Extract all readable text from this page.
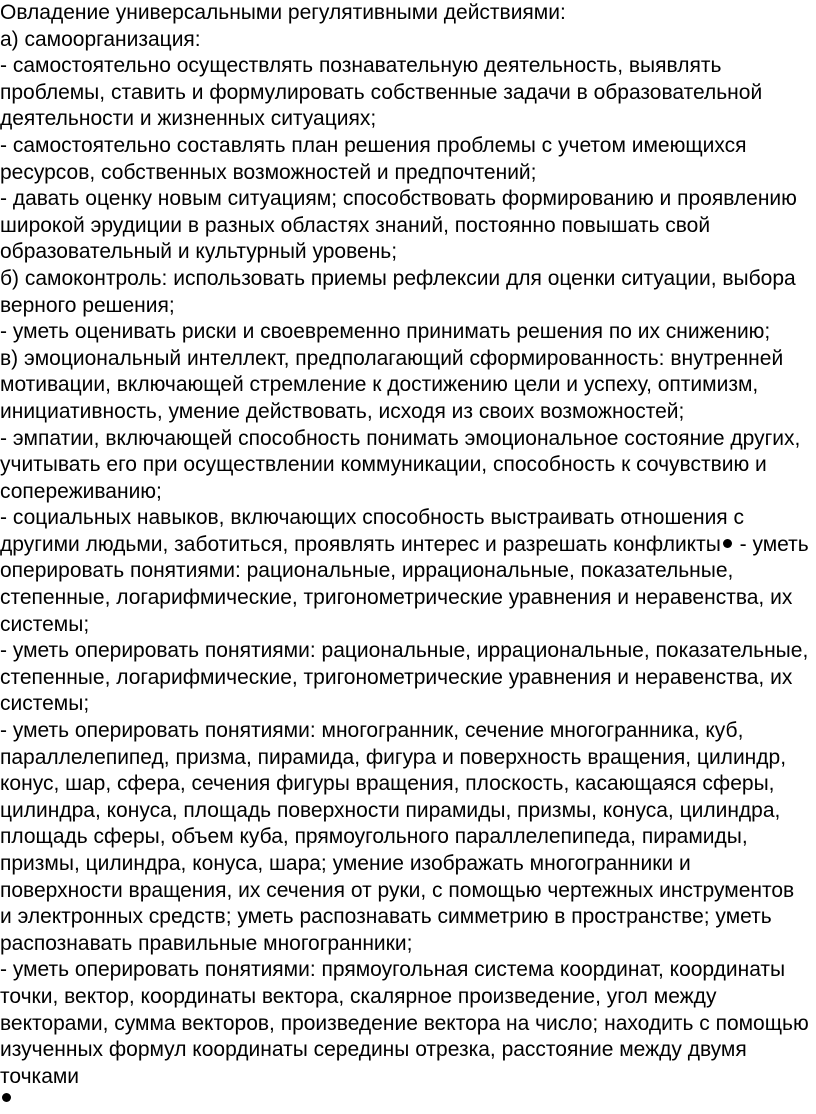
Овладение универсальными регулятивными действиями:
а) самоорганизация:
- самостоятельно осуществлять познавательную деятельность, выявлять
проблемы, ставить и формулировать собственные задачи в образовательной
деятельности и жизненных ситуациях;
- самостоятельно составлять план решения проблемы с учетом имеющихся
ресурсов, собственных возможностей и предпочтений;
- давать оценку новым ситуациям; способствовать формированию и проявлению
широкой эрудиции в разных областях знаний, постоянно повышать свой
образовательный и культурный уровень;
б) самоконтроль: использовать приемы рефлексии для оценки ситуации, выбора
верного решения;
- уметь оценивать риски и своевременно принимать решения по их снижению;
в) эмоциональный интеллект, предполагающий сформированность: внутренней
мотивации, включающей стремление к достижению цели и успеху, оптимизм,
инициативность, умение действовать, исходя из своих возможностей;
- эмпатии, включающей способность понимать эмоциональное состояние других,
учитывать его при осуществлении коммуникации, способность к сочувствию и
сопереживанию;
- социальных навыков, включающих способность выстраивать отношения с
другими людьми, заботиться, проявлять интерес и разрешать конфликты - уметь
оперировать понятиями: рациональные, иррациональные, показательные,
степенные, логарифмические, тригонометрические уравнения и неравенства, их
системы;
- уметь оперировать понятиями: рациональные, иррациональные, показательные,
степенные, логарифмические, тригонометрические уравнения и неравенства, их
системы;
- уметь оперировать понятиями: многогранник, сечение многогранника, куб,
параллелепипед, призма, пирамида, фигура и поверхность вращения, цилиндр,
конус, шар, сфера, сечения фигуры вращения, плоскость, касающаяся сферы,
цилиндра, конуса, площадь поверхности пирамиды, призмы, конуса, цилиндра,
площадь сферы, объем куба, прямоугольного параллелепипеда, пирамиды,
призмы, цилиндра, конуса, шара; умение изображать многогранники и
поверхности вращения, их сечения от руки, с помощью чертежных инструментов
и электронных средств; уметь распознавать симметрию в пространстве; уметь
распознавать правильные многогранники;
- уметь оперировать понятиями: прямоугольная система координат, координаты
точки, вектор, координаты вектора, скалярное произведение, угол между
векторами, сумма векторов, произведение вектора на число; находить с помощью
изученных формул координаты середины отрезка, расстояние между двумя
точками
